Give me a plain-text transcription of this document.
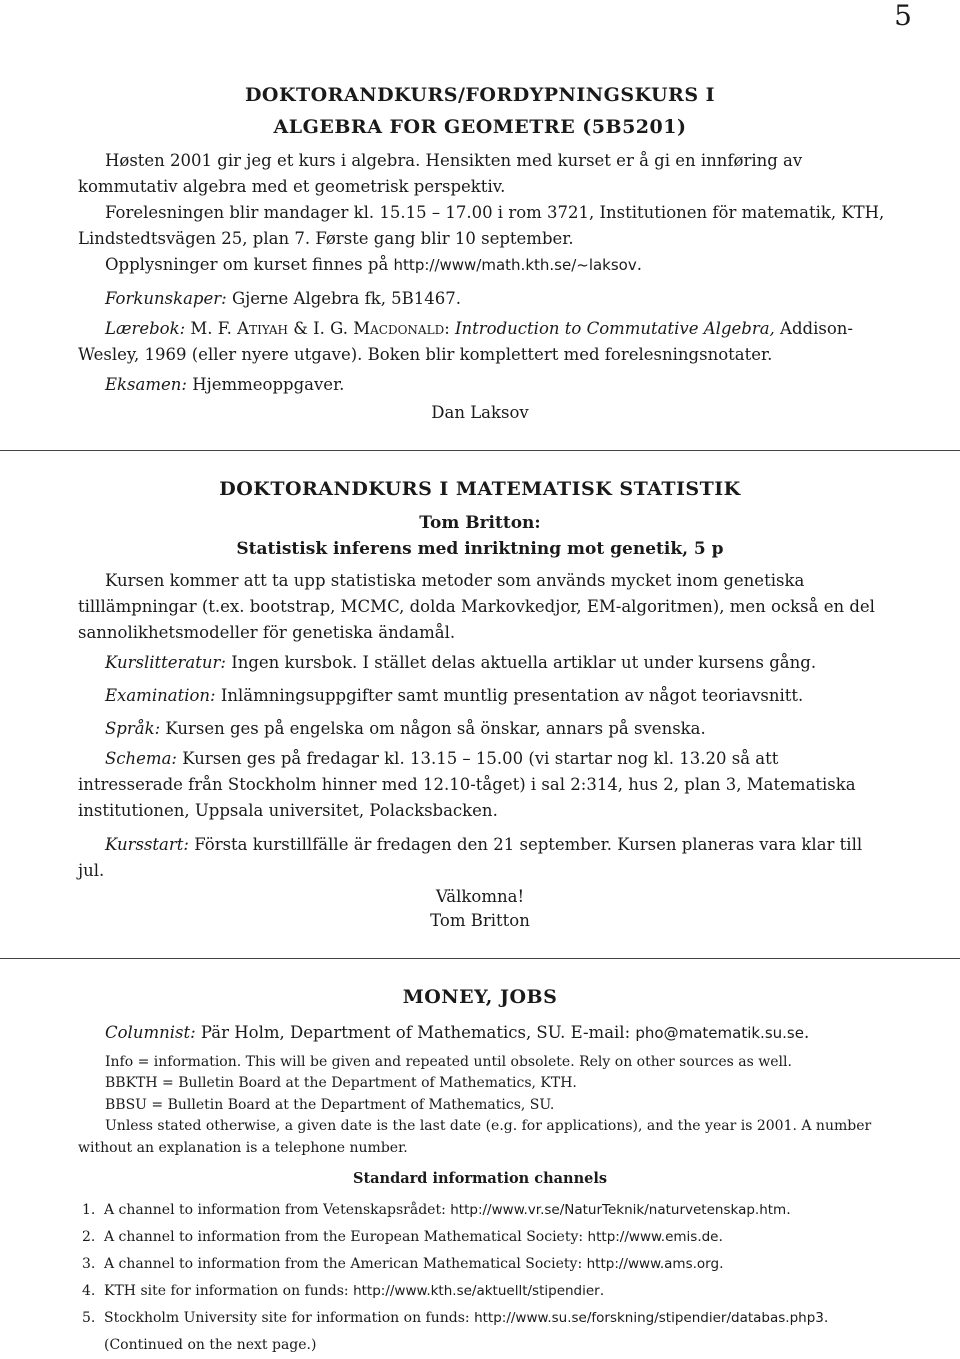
5
DOKTORANDKURS/FORDYPNINGSKURS I
ALGEBRA FOR GEOMETRE (5B5201)
Høsten 2001 gir jeg et kurs i algebra. Hensikten med kurset er å gi en innføring av kommutativ algebra med et geometrisk perspektiv.
Forelesningen blir mandager kl. 15.15 – 17.00 i rom 3721, Institutionen för matematik, KTH, Lindstedtsvägen 25, plan 7. Første gang blir 10 september.
Opplysninger om kurset finnes på http://www/math.kth.se/~laksov.
Forkunskaper: Gjerne Algebra fk, 5B1467.
Lærebok: M. F. Atiyah & I. G. Macdonald: Introduction to Commutative Algebra, Addison-Wesley, 1969 (eller nyere utgave). Boken blir komplettert med forelesningsnotater.
Eksamen: Hjemmeoppgaver.
Dan Laksov
DOKTORANDKURS I MATEMATISK STATISTIK
Tom Britton:
Statistisk inferens med inriktning mot genetik, 5 p
Kursen kommer att ta upp statistiska metoder som används mycket inom genetiska tilllämpningar (t.ex. bootstrap, MCMC, dolda Markovkedjor, EM-algoritmen), men också en del sannolikhetsmodeller för genetiska ändamål.
Kurslitteratur: Ingen kursbok. I stället delas aktuella artiklar ut under kursens gång.
Examination: Inlämningsuppgifter samt muntlig presentation av något teoriavsnitt.
Språk: Kursen ges på engelska om någon så önskar, annars på svenska.
Schema: Kursen ges på fredagar kl. 13.15 – 15.00 (vi startar nog kl. 13.20 så att intresserade från Stockholm hinner med 12.10-tåget) i sal 2:314, hus 2, plan 3, Matematiska institutionen, Uppsala universitet, Polacksbacken.
Kursstart: Första kurstillfälle är fredagen den 21 september. Kursen planeras vara klar till jul.
Välkomna!
Tom Britton
MONEY, JOBS
Columnist: Pär Holm, Department of Mathematics, SU. E-mail: pho@matematik.su.se.
Info = information. This will be given and repeated until obsolete. Rely on other sources as well.
BBKTH = Bulletin Board at the Department of Mathematics, KTH.
BBSU = Bulletin Board at the Department of Mathematics, SU.
Unless stated otherwise, a given date is the last date (e.g. for applications), and the year is 2001. A number without an explanation is a telephone number.
Standard information channels
1. A channel to information from Vetenskapsrådet: http://www.vr.se/NaturTeknik/naturvetenskap.htm.
2. A channel to information from the European Mathematical Society: http://www.emis.de.
3. A channel to information from the American Mathematical Society: http://www.ams.org.
4. KTH site for information on funds: http://www.kth.se/aktuellt/stipendier.
5. Stockholm University site for information on funds: http://www.su.se/forskning/stipendier/databas.php3.
(Continued on the next page.)
